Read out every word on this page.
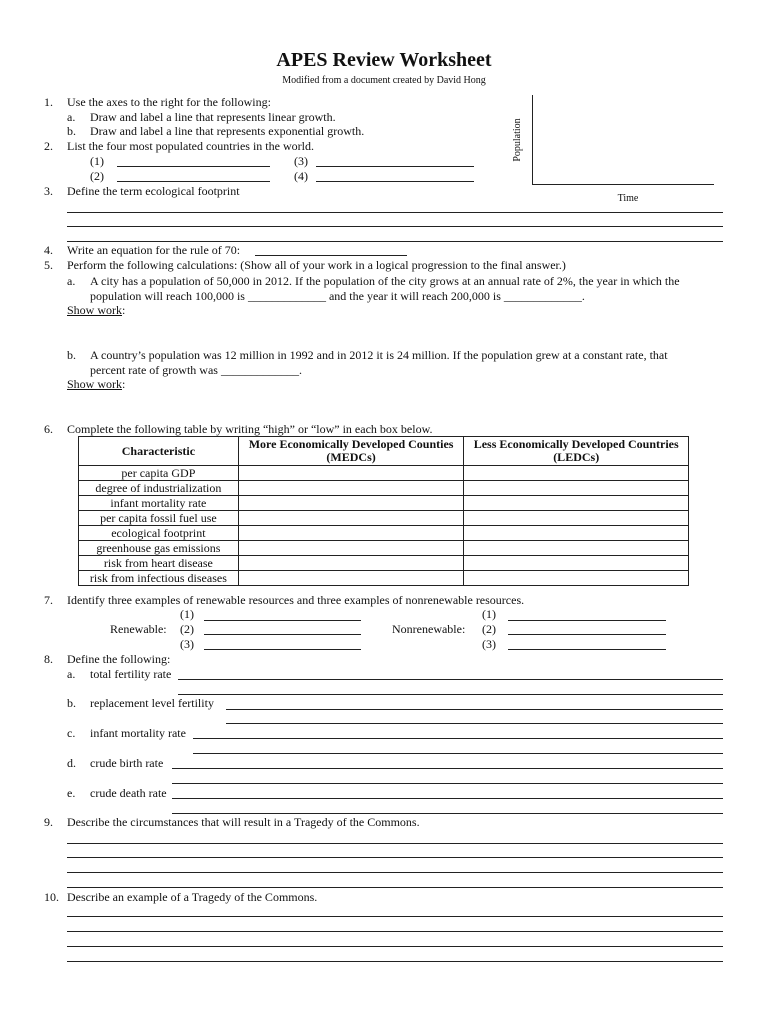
APES Review Worksheet
Modified from a document created by David Hong
Population
Time
1. Use the axes to the right for the following:
a. Draw and label a line that represents linear growth.
b. Draw and label a line that represents exponential growth.
2. List the four most populated countries in the world.
(1)
(2)
(3)
(4)
3. Define the term ecological footprint
4. Write an equation for the rule of 70:
5. Perform the following calculations: (Show all of your work in a logical progression to the final answer.)
a. A city has a population of 50,000 in 2012. If the population of the city grows at an annual rate of 2%, the year in which the
population will reach 100,000 is _____________ and the year it will reach 200,000 is _____________.
Show work:
b. A country’s population was 12 million in 1992 and in 2012 it is 24 million. If the population grew at a constant rate, that
percent rate of growth was _____________.
Show work:
6. Complete the following table by writing “high” or “low” in each box below.
Characteristic	More Economically Developed Counties (MEDCs)	Less Economically Developed Countries (LEDCs)
per capita GDP		
degree of industrialization		
infant mortality rate		
per capita fossil fuel use		
ecological footprint		
greenhouse gas emissions		
risk from heart disease		
risk from infectious diseases		
7. Identify three examples of renewable resources and three examples of nonrenewable resources.
(1)
Renewable: (2)
(3)
(1)
Nonrenewable: (2)
(3)
8. Define the following:
a. total fertility rate
b. replacement level fertility
c. infant mortality rate
d. crude birth rate
e. crude death rate
9. Describe the circumstances that will result in a Tragedy of the Commons.
10. Describe an example of a Tragedy of the Commons.
